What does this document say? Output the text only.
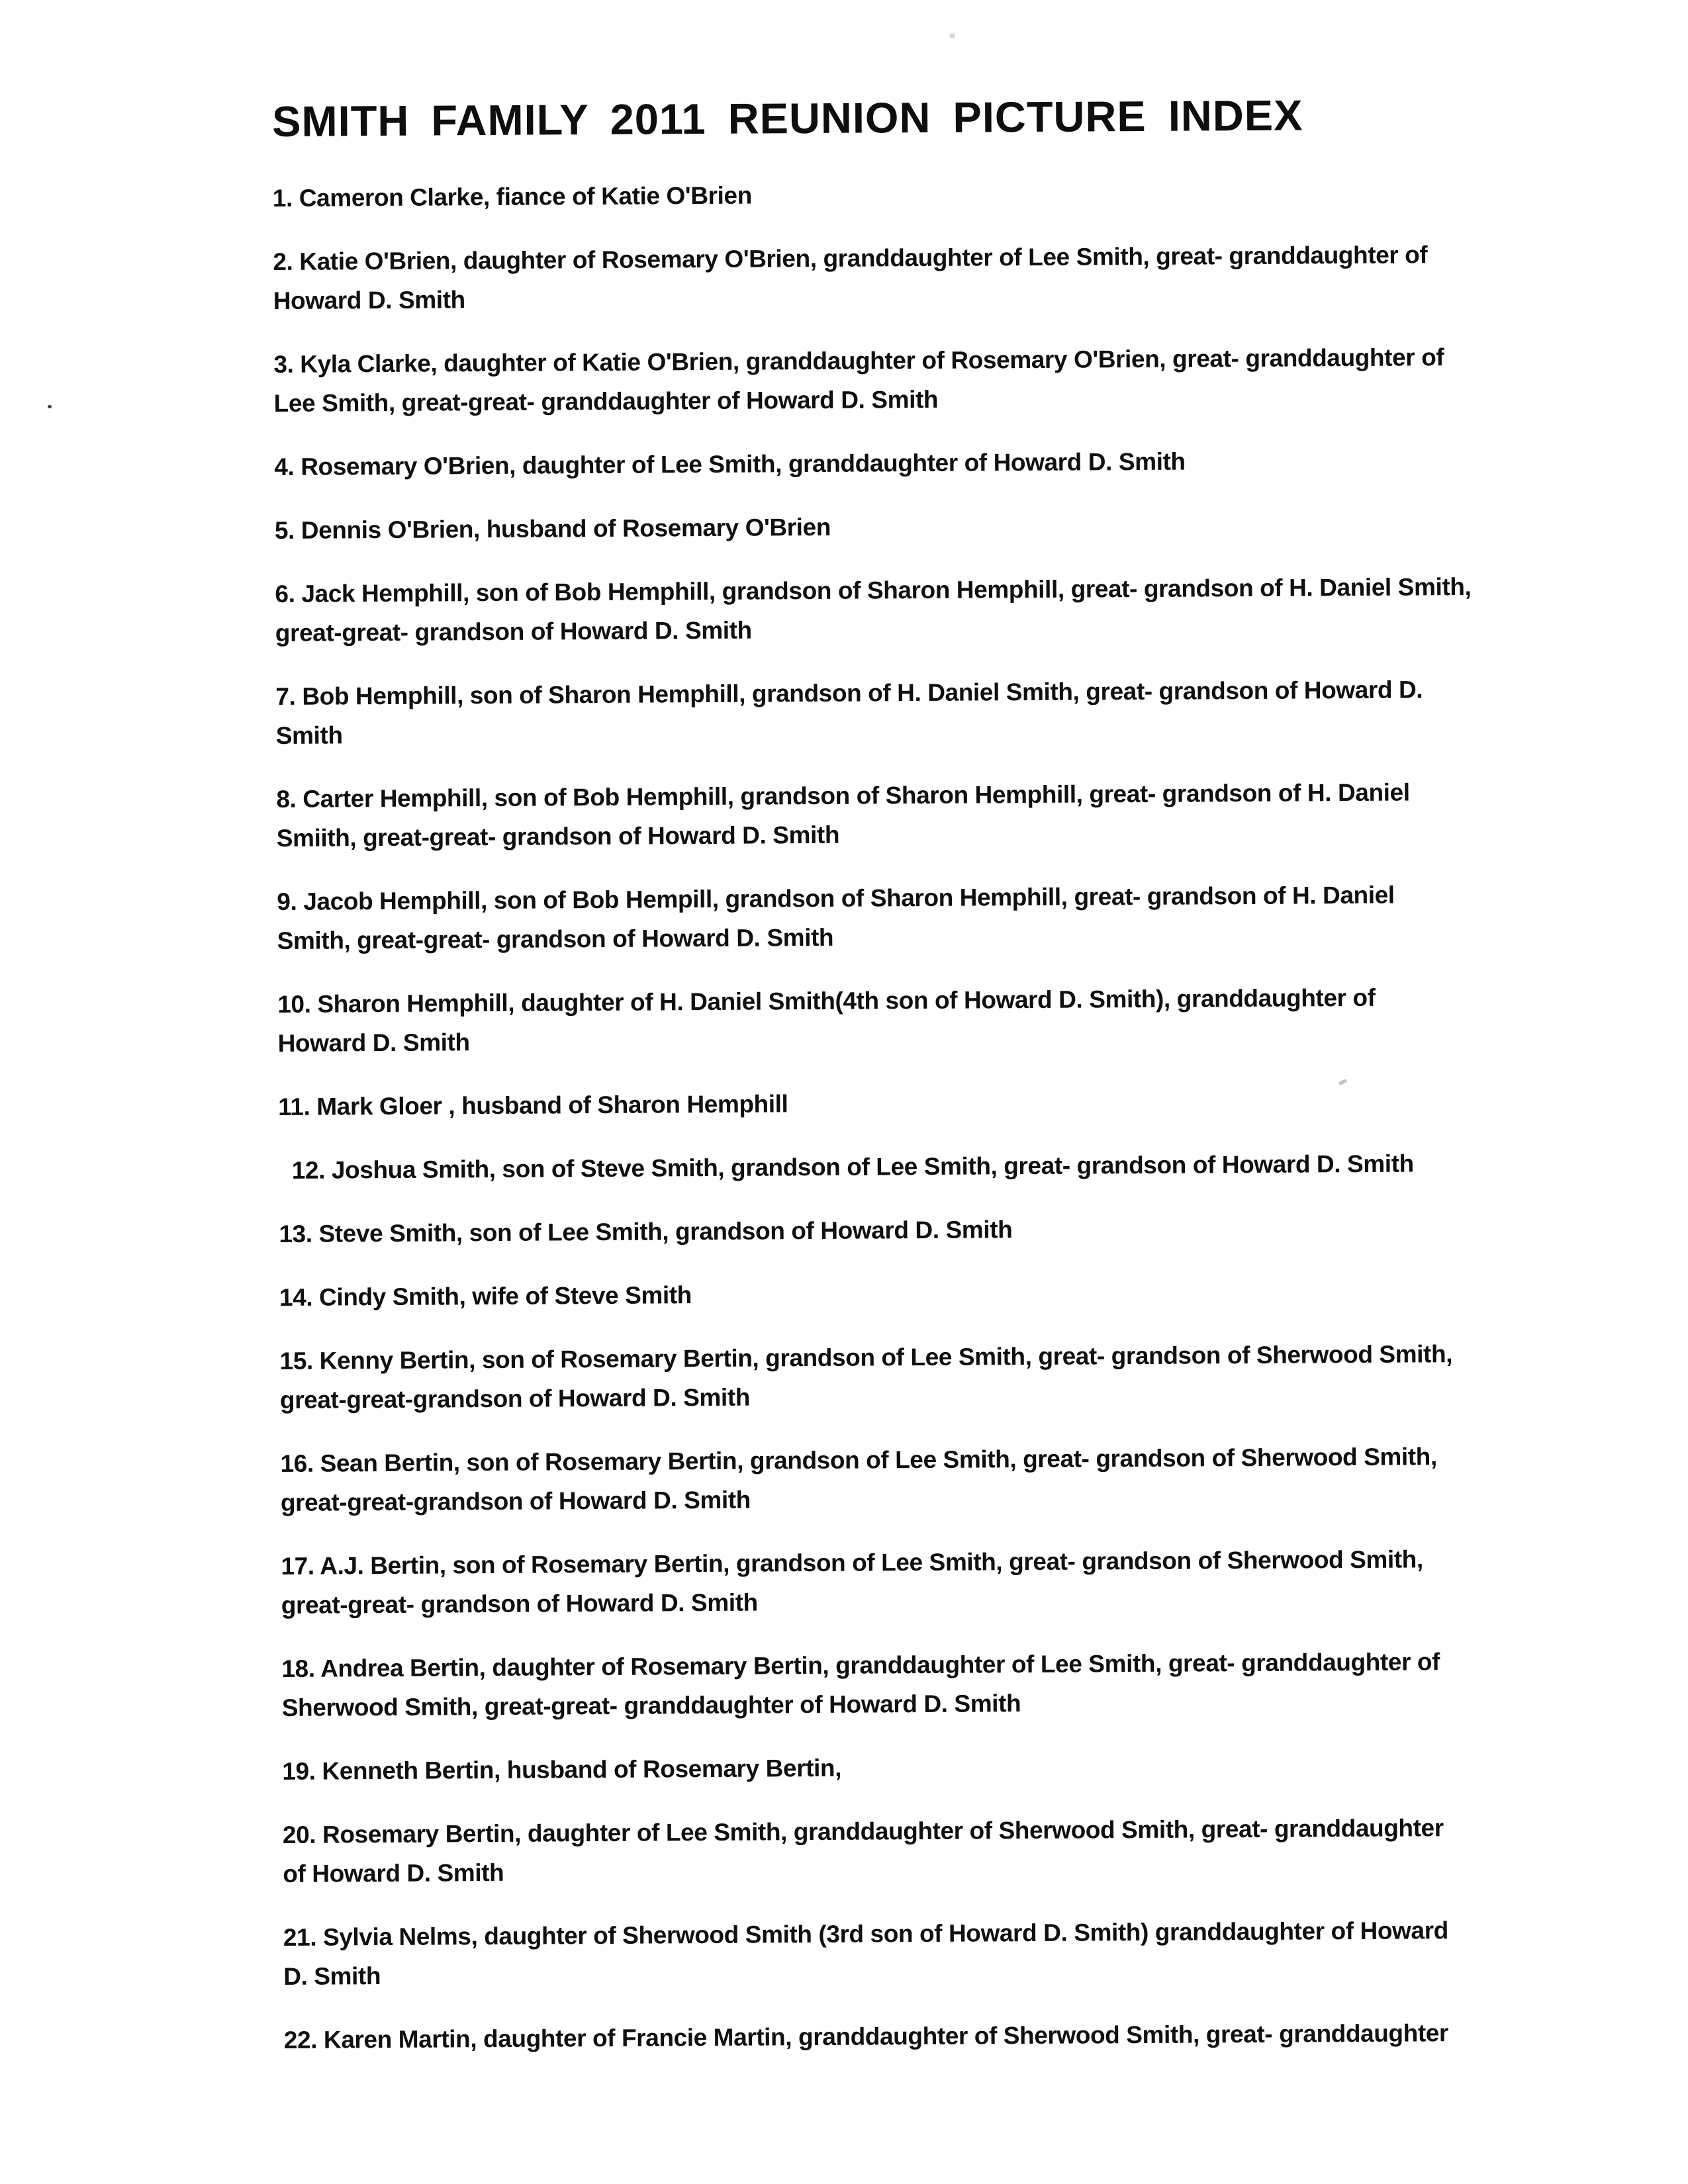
SMITH FAMILY 2011 REUNION PICTURE INDEX

1. Cameron Clarke, fiance of Katie O'Brien

2. Katie O'Brien, daughter of Rosemary O'Brien, granddaughter of Lee Smith, great- granddaughter of
Howard D. Smith

3. Kyla Clarke, daughter of Katie O'Brien, granddaughter of Rosemary O'Brien, great- granddaughter of
Lee Smith, great-great- granddaughter of Howard D. Smith

4. Rosemary O'Brien, daughter of Lee Smith, granddaughter of Howard D. Smith

5. Dennis O'Brien, husband of Rosemary O'Brien

6. Jack Hemphill, son of Bob Hemphill, grandson of Sharon Hemphill, great- grandson of H. Daniel Smith,
great-great- grandson of Howard D. Smith

7. Bob Hemphill, son of Sharon Hemphill, grandson of H. Daniel Smith, great- grandson of Howard D.
Smith

8. Carter Hemphill, son of Bob Hemphill, grandson of Sharon Hemphill, great- grandson of H. Daniel
Smiith, great-great- grandson of Howard D. Smith

9. Jacob Hemphill, son of Bob Hempill, grandson of Sharon Hemphill, great- grandson of H. Daniel
Smith, great-great- grandson of Howard D. Smith

10. Sharon Hemphill, daughter of H. Daniel Smith(4th son of Howard D. Smith), granddaughter of
Howard D. Smith

11. Mark Gloer , husband of Sharon Hemphill

12. Joshua Smith, son of Steve Smith, grandson of Lee Smith, great- grandson of Howard D. Smith

13. Steve Smith, son of Lee Smith, grandson of Howard D. Smith

14. Cindy Smith, wife of Steve Smith

15. Kenny Bertin, son of Rosemary Bertin, grandson of Lee Smith, great- grandson of Sherwood Smith,
great-great-grandson of Howard D. Smith

16. Sean Bertin, son of Rosemary Bertin, grandson of Lee Smith, great- grandson of Sherwood Smith,
great-great-grandson of Howard D. Smith

17. A.J. Bertin, son of Rosemary Bertin, grandson of Lee Smith, great- grandson of Sherwood Smith,
great-great- grandson of Howard D. Smith

18. Andrea Bertin, daughter of Rosemary Bertin, granddaughter of Lee Smith, great- granddaughter of
Sherwood Smith, great-great- granddaughter of Howard D. Smith

19. Kenneth Bertin, husband of Rosemary Bertin,

20. Rosemary Bertin, daughter of Lee Smith, granddaughter of Sherwood Smith, great- granddaughter
of Howard D. Smith

21. Sylvia Nelms, daughter of Sherwood Smith (3rd son of Howard D. Smith) granddaughter of Howard
D. Smith

22. Karen Martin, daughter of Francie Martin, granddaughter of Sherwood Smith, great- granddaughter
